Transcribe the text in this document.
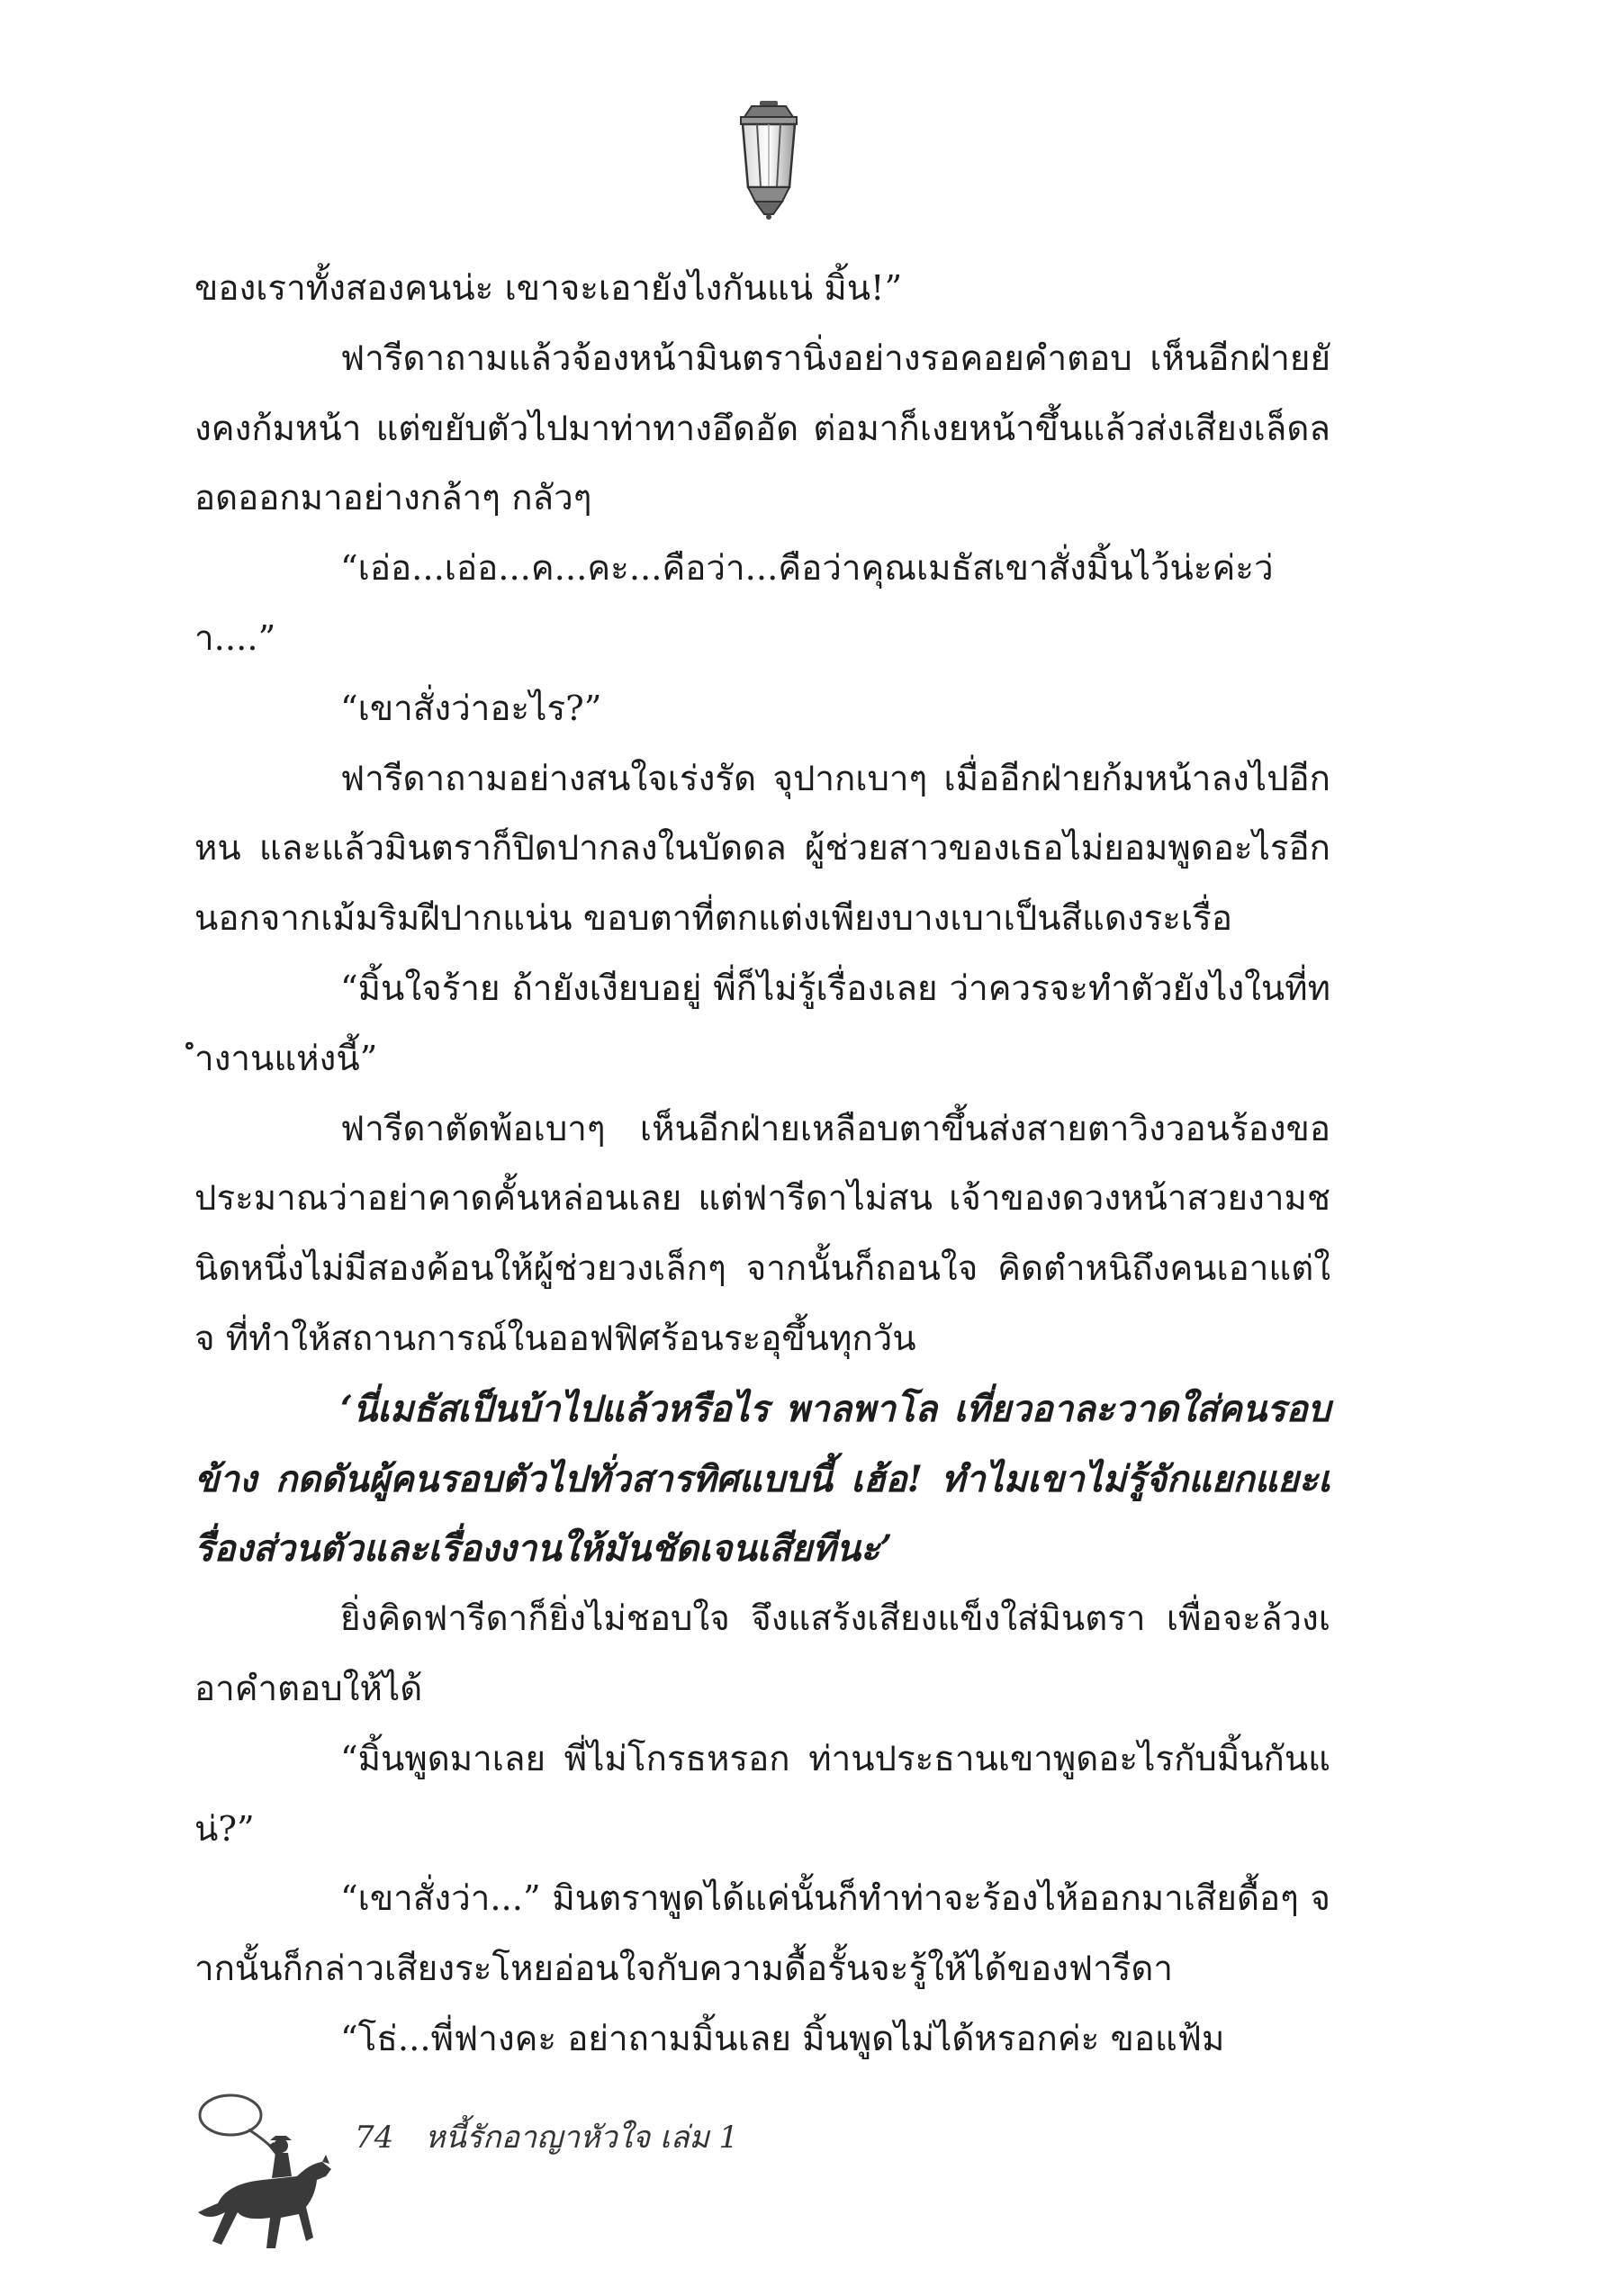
ของเราทั้งสองคนน่ะ เขาจะเอายังไงกันแน่ มิ้น!”

ฟารีดาถามแล้วจ้องหน้ามินตรานิ่งอย่างรอคอยคำตอบ เห็นอีกฝ่ายยังคงก้มหน้า แต่ขยับตัวไปมาท่าทางอึดอัด ต่อมาก็เงยหน้าขึ้นแล้วส่งเสียงเล็ดลอดออกมาอย่างกล้าๆ กลัวๆ

“เอ่อ...เอ่อ...ค...คะ...คือว่า...คือว่าคุณเมธัสเขาสั่งมิ้นไว้น่ะค่ะว่า....”

“เขาสั่งว่าอะไร?”

ฟารีดาถามอย่างสนใจเร่งรัด จุปากเบาๆ เมื่ออีกฝ่ายก้มหน้าลงไปอีกหน และแล้วมินตราก็ปิดปากลงในบัดดล ผู้ช่วยสาวของเธอไม่ยอมพูดอะไรอีก นอกจากเม้มริมฝีปากแน่น ขอบตาที่ตกแต่งเพียงบางเบาเป็นสีแดงระเรื่อ

“มิ้นใจร้าย ถ้ายังเงียบอยู่ พี่ก็ไม่รู้เรื่องเลย ว่าควรจะทำตัวยังไงในที่ทำงานแห่งนี้”

ฟารีดาตัดพ้อเบาๆ เห็นอีกฝ่ายเหลือบตาขึ้นส่งสายตาวิงวอนร้องขอ ประมาณว่าอย่าคาดคั้นหล่อนเลย แต่ฟารีดาไม่สน เจ้าของดวงหน้าสวยงามชนิดหนึ่งไม่มีสองค้อนให้ผู้ช่วยวงเล็กๆ จากนั้นก็ถอนใจ คิดตำหนิถึงคนเอาแต่ใจ ที่ทำให้สถานการณ์ในออฟฟิศร้อนระอุขึ้นทุกวัน

‘นี่เมธัสเป็นบ้าไปแล้วหรือไร พาลพาโล เที่ยวอาละวาดใส่คนรอบข้าง กดดันผู้คนรอบตัวไปทั่วสารทิศแบบนี้ เฮ้อ! ทำไมเขาไม่รู้จักแยกแยะเรื่องส่วนตัวและเรื่องงานให้มันชัดเจนเสียทีนะ’

ยิ่งคิดฟารีดาก็ยิ่งไม่ชอบใจ จึงแสร้งเสียงแข็งใส่มินตรา เพื่อจะล้วงเอาคำตอบให้ได้

“มิ้นพูดมาเลย พี่ไม่โกรธหรอก ท่านประธานเขาพูดอะไรกับมิ้นกันแน่?”

“เขาสั่งว่า...” มินตราพูดได้แค่นั้นก็ทำท่าจะร้องไห้ออกมาเสียดื้อๆ จากนั้นก็กล่าวเสียงระโหยอ่อนใจกับความดื้อรั้นจะรู้ให้ได้ของฟารีดา

“โธ่...พี่ฟางคะ อย่าถามมิ้นเลย มิ้นพูดไม่ได้หรอกค่ะ ขอแฟ้ม

74 หนี้รักอาญาหัวใจ เล่ม 1
